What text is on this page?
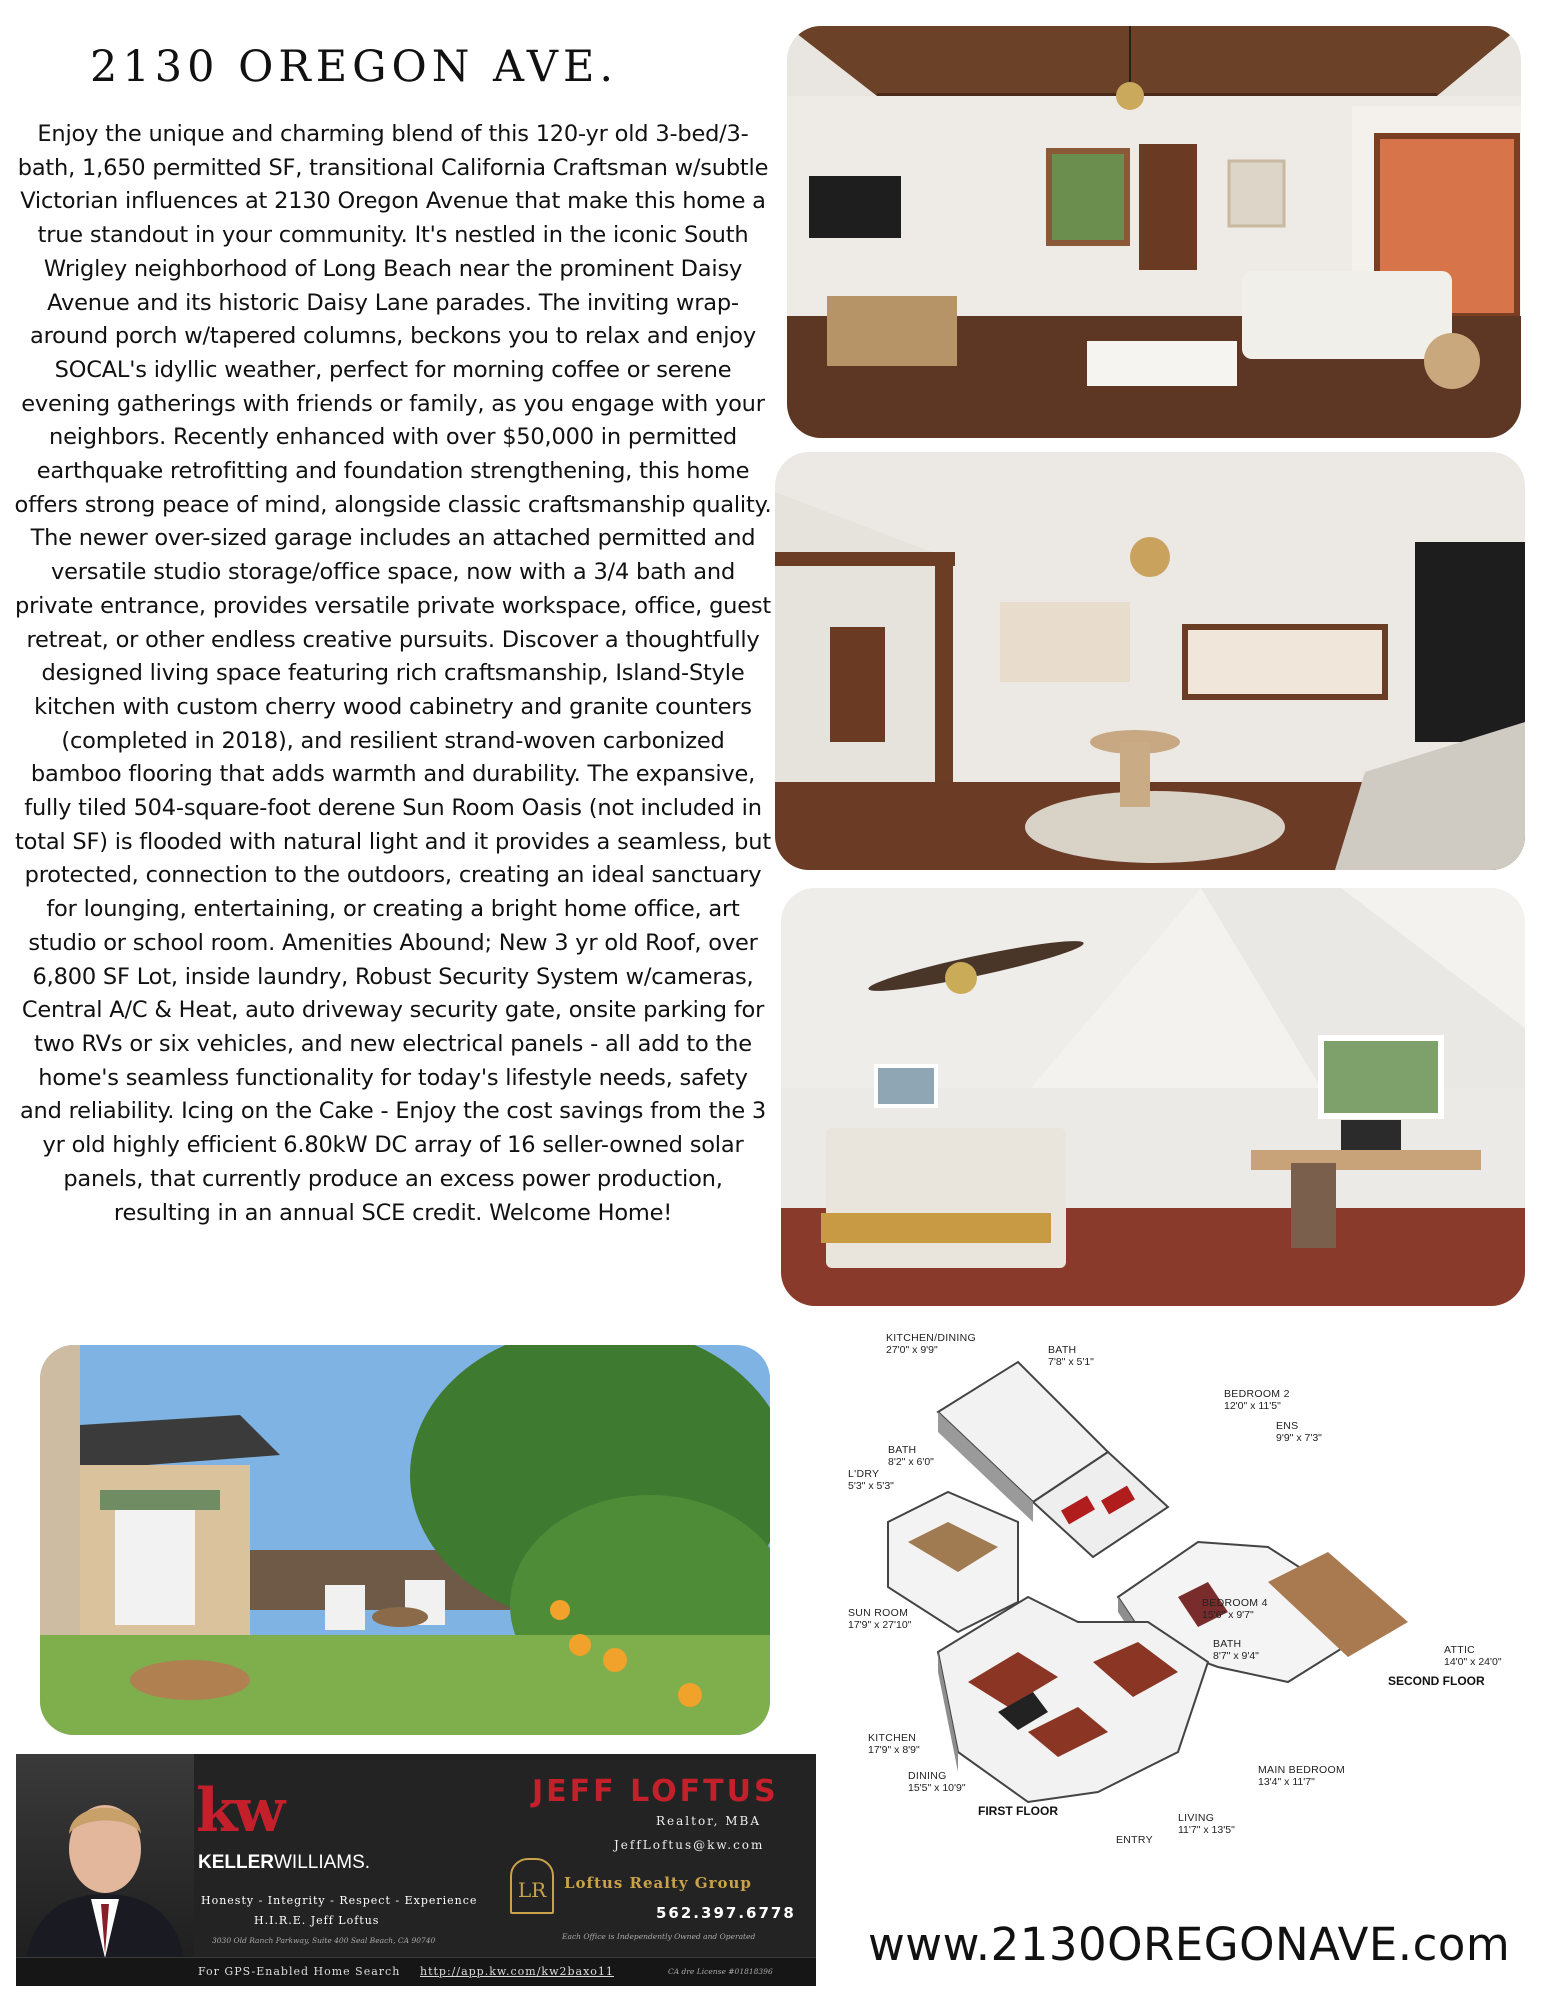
2130 OREGON AVE.

Enjoy the unique and charming blend of this 120-yr old 3-bed/3-bath, 1,650 permitted SF, transitional California Craftsman w/subtle Victorian influences at 2130 Oregon Avenue that make this home a true standout in your community. It's nestled in the iconic South Wrigley neighborhood of Long Beach near the prominent Daisy Avenue and its historic Daisy Lane parades. The inviting wrap-around porch w/tapered columns, beckons you to relax and enjoy SOCAL's idyllic weather, perfect for morning coffee or serene evening gatherings with friends or family, as you engage with your neighbors. Recently enhanced with over $50,000 in permitted earthquake retrofitting and foundation strengthening, this home offers strong peace of mind, alongside classic craftsmanship quality. The newer over-sized garage includes an attached permitted and versatile studio storage/office space, now with a 3/4 bath and private entrance, provides versatile private workspace, office, guest retreat, or other endless creative pursuits. Discover a thoughtfully designed living space featuring rich craftsmanship, Island-Style kitchen with custom cherry wood cabinetry and granite counters (completed in 2018), and resilient strand-woven carbonized bamboo flooring that adds warmth and durability. The expansive, fully tiled 504-square-foot derene Sun Room Oasis (not included in total SF) is flooded with natural light and it provides a seamless, but protected, connection to the outdoors, creating an ideal sanctuary for lounging, entertaining, or creating a bright home office, art studio or school room. Amenities Abound; New 3 yr old Roof, over 6,800 SF Lot, inside laundry, Robust Security System w/cameras, Central A/C & Heat, auto driveway security gate, onsite parking for two RVs or six vehicles, and new electrical panels - all add to the home's seamless functionality for today's lifestyle needs, safety and reliability. Icing on the Cake - Enjoy the cost savings from the 3 yr old highly efficient 6.80kW DC array of 16 seller-owned solar panels, that currently produce an excess power production, resulting in an annual SCE credit. Welcome Home!

KITCHEN/DINING
27'0" x 9'9"	BATH
7'8" x 5'1"
BEDROOM 2
12'0" x 11'5"
ENS
9'9" x 7'3"
BATH
8'2" x 6'0"
L'DRY
5'3" x 5'3"
SUN ROOM
17'9" x 27'10"
BEDROOM 4
15'6" x 9'7"
BATH
8'7" x 9'4"	ATTIC
14'0" x 24'0"
SECOND FLOOR
KITCHEN
17'9" x 8'9"
DINING
15'5" x 10'9"
FIRST FLOOR
MAIN BEDROOM
13'4" x 11'7"
LIVING
11'7" x 13'5"
ENTRY
kw
KELLERWILLIAMS.
Honesty - Integrity - Respect - Experience
H.I.R.E. Jeff Loftus
3030 Old Ranch Parkway, Suite 400 Seal Beach, CA 90740
JEFF LOFTUS
Realtor, MBA
JeffLoftus@kw.com
LR	Loftus Realty Group
562.397.6778
Each Office is Independently Owned and Operated
For GPS-Enabled Home Search http://app.kw.com/kw2baxo11	CA dre License #01818396
www.2130OREGONAVE.com
